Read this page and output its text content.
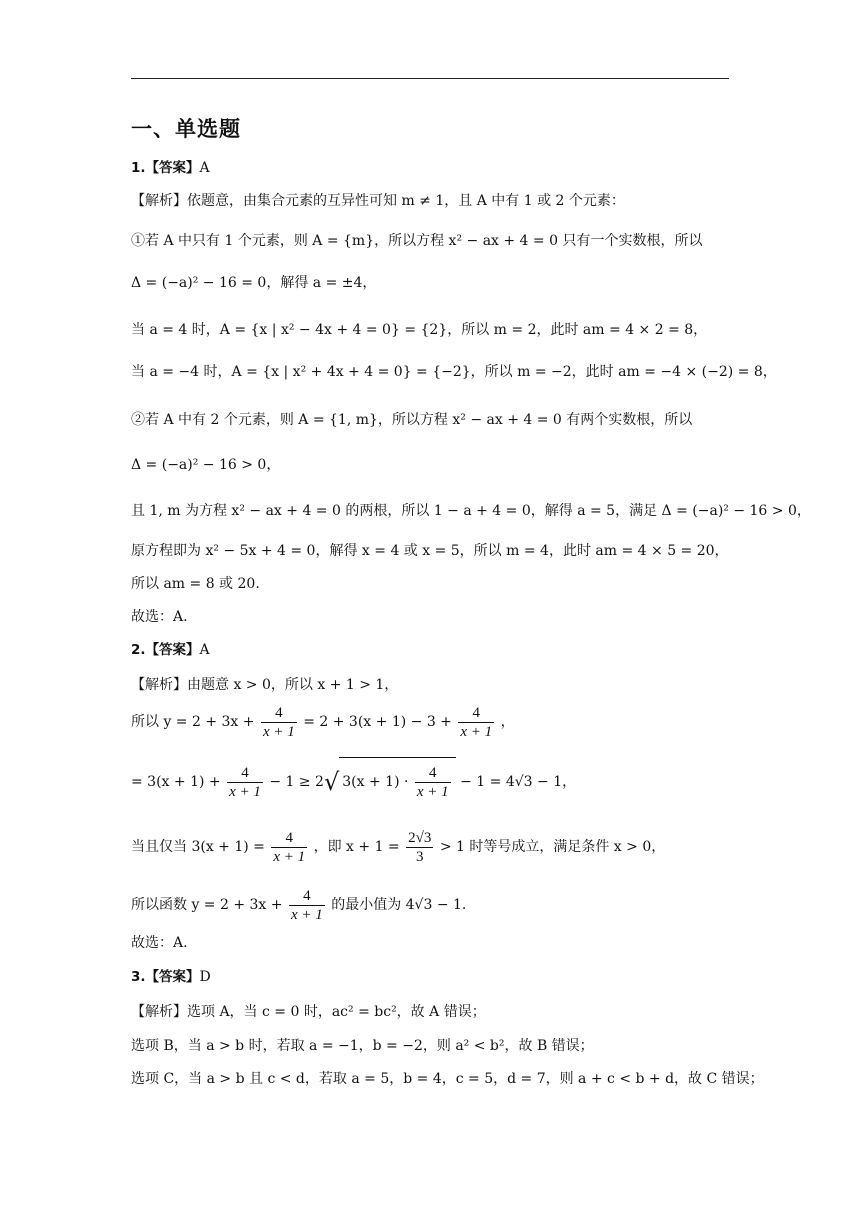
一、单选题
1.【答案】A
【解析】依题意，由集合元素的互异性可知 m ≠ 1，且 A 中有 1 或 2 个元素：
①若 A 中只有 1 个元素，则 A = {m}，所以方程 x² − ax + 4 = 0 只有一个实数根，所以
Δ = (−a)² − 16 = 0，解得 a = ±4，
当 a = 4 时，A = {x | x² − 4x + 4 = 0} = {2}，所以 m = 2，此时 am = 4 × 2 = 8，
当 a = −4 时，A = {x | x² + 4x + 4 = 0} = {−2}，所以 m = −2，此时 am = −4 × (−2) = 8，
②若 A 中有 2 个元素，则 A = {1, m}，所以方程 x² − ax + 4 = 0 有两个实数根，所以
Δ = (−a)² − 16 > 0，
且 1, m 为方程 x² − ax + 4 = 0 的两根，所以 1 − a + 4 = 0，解得 a = 5，满足 Δ = (−a)² − 16 > 0，
原方程即为 x² − 5x + 4 = 0，解得 x = 4 或 x = 5，所以 m = 4，此时 am = 4 × 5 = 20，
所以 am = 8 或 20.
故选：A.
2.【答案】A
【解析】由题意 x > 0，所以 x + 1 > 1，
所以 $y = 2 + 3x + \frac{4}{x + 1} = 2 + 3(x + 1) - 3 + \frac{4}{x + 1}$ ，
= $3(x + 1) + \frac{4}{x + 1} - 1 \ge 2√$ $3(x + 1) \cdot \frac{4}{x + 1} - 1 = 4√3 - 1$，
当且仅当 $3(x + 1) = \frac{4}{x + 1}$ ，即 $x + 1 = \frac{2√3}{3} > 1$ 时等号成立，满足条件 x > 0，
所以函数 $y = 2 + 3x + \frac{4}{x + 1}$ 的最小值为 4√3 − 1.
故选：A.
3.【答案】D
【解析】选项 A，当 c = 0 时，ac² = bc²，故 A 错误；
选项 B，当 a > b 时，若取 a = −1，b = −2，则 a² < b²，故 B 错误；
选项 C，当 a > b 且 c < d，若取 a = 5，b = 4，c = 5，d = 7，则 a + c < b + d，故 C 错误；
